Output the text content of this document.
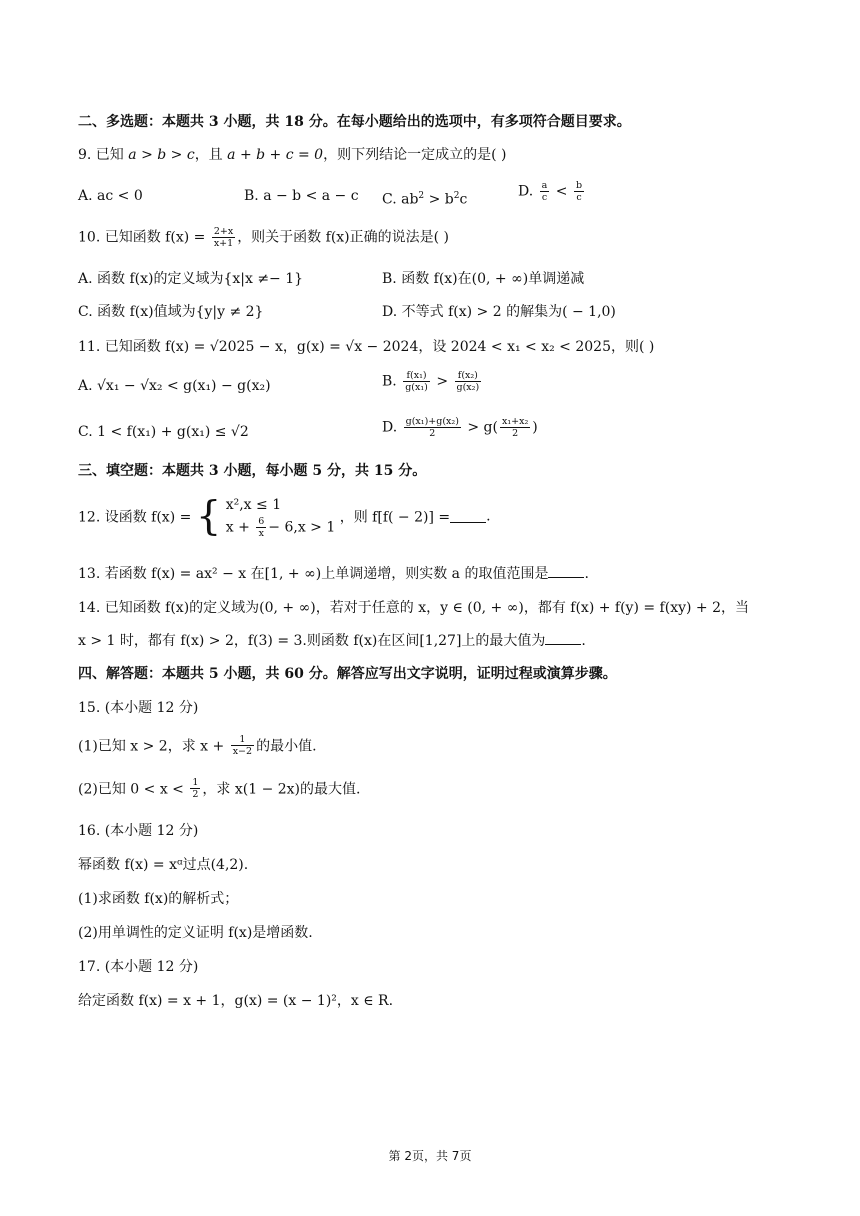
二、多选题：本题共 3 小题，共 18 分。在每小题给出的选项中，有多项符合题目要求。
9. 已知 a > b > c，且 a + b + c = 0，则下列结论一定成立的是( )
A. ac < 0	B. a − b < a − c C. $ab^2 > b^2c$
D. $\frac{a}{c} < \frac{b}{c}$
10. 已知函数 $f(x) = \frac{2+x}{x+1}$ ，则关于函数 f(x)正确的说法是( )
A. 函数 f(x)的定义域为{x|x ≠− 1}	B. 函数 f(x)在(0, + ∞)单调递减
C. 函数 f(x)值域为{y|y ≠ 2}	D. 不等式 f(x) > 2 的解集为( − 1,0)
11. 已知函数 f(x) = √2025 − x，g(x) = √x − 2024，设 2024 < x₁ < x₂ < 2025，则( )
A. √x₁ − √x₂ < g(x₁) − g(x₂)	B. $\frac{\text{f(x₁)}}{\text{g(x₁)}} > \frac{\text{f(x₂)}}{\text{g(x₂)}}$
C. 1 < f(x₁) + g(x₁) ≤ √2	D. $\frac{\text{g(x₁)+g(x₂)}}{2} > g( \frac{\text{x₁+x₂}}{2}$ )
三、填空题：本题共 3 小题，每小题 5 分，共 15 分。
12. 设函数 f(x) = { x²,x ≤ 1
$x + \frac{6}{x} - 6,x > 1$
，则 f[f( − 2)] =	.
13. 若函数 f(x) = ax² − x 在[1, + ∞)上单调递增，则实数 a 的取值范围是	.
14. 已知函数 f(x)的定义域为(0, + ∞)，若对于任意的 x，y ∈ (0, + ∞)，都有 f(x) + f(y) = f(xy) + 2，当
x > 1 时，都有 f(x) > 2，f(3) = 3.则函数 f(x)在区间[1,27]上的最大值为	.
四、解答题：本题共 5 小题，共 60 分。解答应写出文字说明，证明过程或演算步骤。
15. (本小题 12 分)
(1)已知 x > 2，求 $x + \frac{1}{x-2}$ 的最小值.
(2)已知 $0 < x < \frac{1}{2}$ ，求 x(1 − 2x)的最大值.
16. (本小题 12 分)
幂函数 f(x) = xᵅ过点(4,2).
(1)求函数 f(x)的解析式；
(2)用单调性的定义证明 f(x)是增函数.
17. (本小题 12 分)
给定函数 f(x) = x + 1，g(x) = (x − 1)²，x ∈ R.
第 2页，共 7页
